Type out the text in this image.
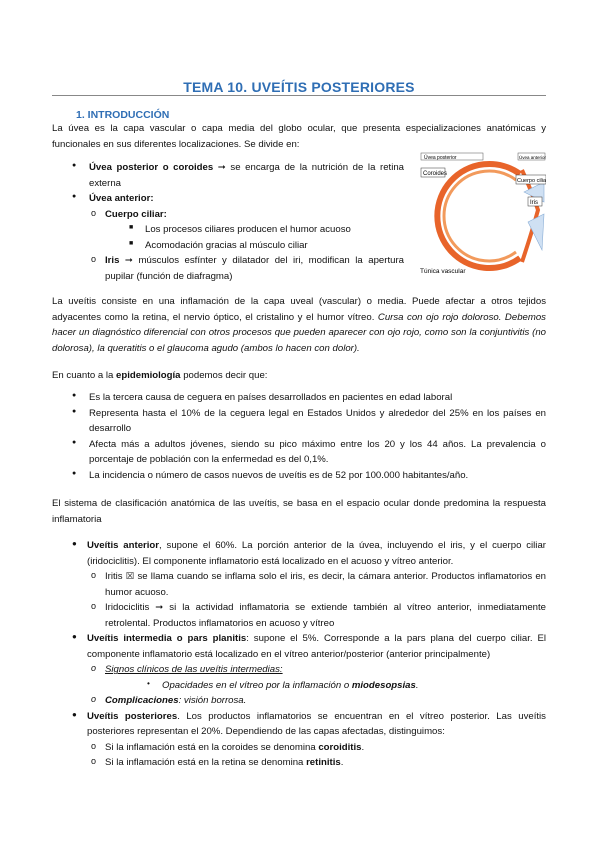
TEMA 10. UVEÍTIS POSTERIORES
1. INTRODUCCIÓN

La úvea es la capa vascular o capa media del globo ocular, que presenta especializaciones anatómicas y funcionales en sus diferentes localizaciones. Se divide en:

● Úvea posterior o coroides ➞ se encarga de la nutrición de la retina externa
● Úvea anterior:
o Cuerpo ciliar:
■ Los procesos ciliares producen el humor acuoso
■ Acomodación gracias al músculo ciliar
o Iris ➞ músculos esfínter y dilatador del iri, modifican la apertura pupilar (función de diafragma)
Úvea posterior	Úvea anterior
Coroides
Cuerpo ciliar
Iris
Túnica vascular

La uveítis consiste en una inflamación de la capa uveal (vascular) o media. Puede afectar a otros tejidos adyacentes como la retina, el nervio óptico, el cristalino y el humor vítreo. Cursa con ojo rojo doloroso. Debemos hacer un diagnóstico diferencial con otros procesos que pueden aparecer con ojo rojo, como son la conjuntivitis (no dolorosa), la queratitis o el glaucoma agudo (ambos lo hacen con dolor).

En cuanto a la epidemiología podemos decir que:

● Es la tercera causa de ceguera en países desarrollados en pacientes en edad laboral
● Representa hasta el 10% de la ceguera legal en Estados Unidos y alrededor del 25% en los países en desarrollo
● Afecta más a adultos jóvenes, siendo su pico máximo entre los 20 y los 44 años. La prevalencia o porcentaje de población con la enfermedad es del 0,1%.
● La incidencia o número de casos nuevos de uveítis es de 52 por 100.000 habitantes/año.

El sistema de clasificación anatómica de las uveítis, se basa en el espacio ocular donde predomina la respuesta inflamatoria

● Uveítis anterior, supone el 60%. La porción anterior de la úvea, incluyendo el iris, y el cuerpo ciliar (iridociclitis). El componente inflamatorio está localizado en el acuoso y vítreo anterior.
o Iritis ☒ se llama cuando se inflama solo el iris, es decir, la cámara anterior. Productos inflamatorios en humor acuoso.
o Iridociclitis ➞ si la actividad inflamatoria se extiende también al vítreo anterior, inmediatamente retrolental. Productos inflamatorios en acuoso y vítreo
● Uveítis intermedia o pars planitis: supone el 5%. Corresponde a la pars plana del cuerpo ciliar. El componente inflamatorio está localizado en el vítreo anterior/posterior (anterior principalmente)
o Signos clínicos de las uveítis intermedias:
• Opacidades en el vítreo por la inflamación o miodesopsias.
o Complicaciones: visión borrosa.
● Uveítis posteriores. Los productos inflamatorios se encuentran en el vítreo posterior. Las uveítis posteriores representan el 20%. Dependiendo de las capas afectadas, distinguimos:
o Si la inflamación está en la coroides se denomina coroiditis.
o Si la inflamación está en la retina se denomina retinitis.
